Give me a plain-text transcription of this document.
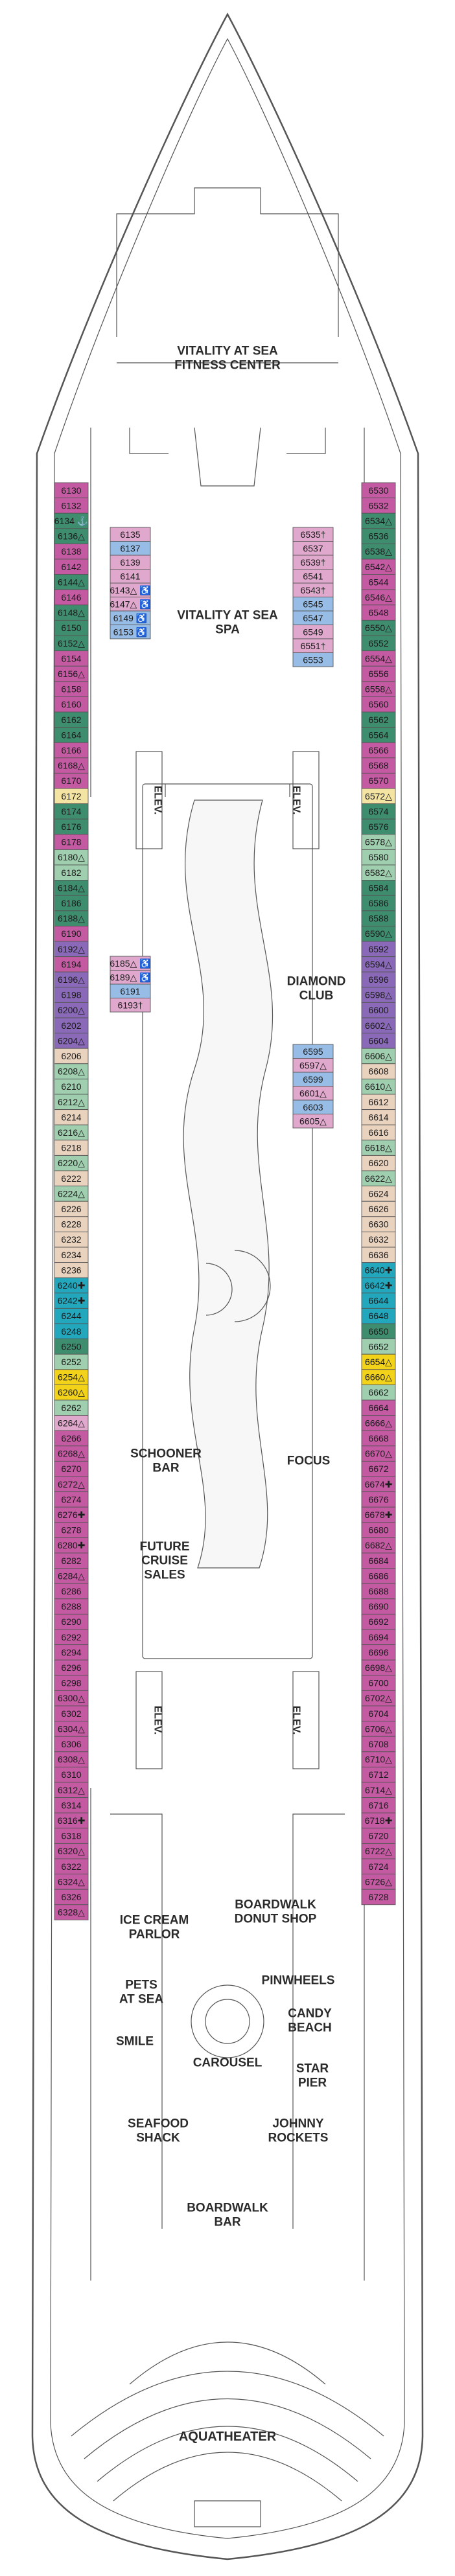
6130
6132
6134 ⚓
6136△
6138
6142
6144△
6146
6148△
6150
6152△
6154
6156△
6158
6160
6162
6164
6166
6168△
6170
6172
6174
6176
6178
6180△
6182
6184△
6186
6188△
6190
6192△
6194
6196△
6198
6200△
6202
6204△
6206
6208△
6210
6212△
6214
6216△
6218
6220△
6222
6224△
6226
6228
6232
6234
6236
6240✚
6242✚
6244
6248
6250
6252
6254△
6260△
6262
6264△
6266
6268△
6270
6272△
6274
6276✚
6278
6280✚
6282
6284△
6286
6288
6290
6292
6294
6296
6298
6300△
6302
6304△
6306
6308△
6310
6312△
6314
6316✚
6318
6320△
6322
6324△
6326
6328△
6135
6137
6139
6141
6143△ ♿
6147△ ♿
6149 ♿
6153 ♿
6185△ ♿
6189△ ♿
6191
6193†
6535†
6537
6539†
6541
6543†
6545
6547
6549
6551†
6553
6595
6597△
6599
6601△
6603
6605△
6530
6532
6534△
6536
6538△
6542△
6544
6546△
6548
6550△
6552
6554△
6556
6558△
6560
6562
6564
6566
6568
6570
6572△
6574
6576
6578△
6580
6582△
6584
6586
6588
6590△
6592
6594△
6596
6598△
6600
6602△
6604
6606△
6608
6610△
6612
6614
6616
6618△
6620
6622△
6624
6626
6630
6632
6636
6640✚
6642✚
6644
6648
6650
6652
6654△
6660△
6662
6664
6666△
6668
6670△
6672
6674✚
6676
6678✚
6680
6682△
6684
6686
6688
6690
6692
6694
6696
6698△
6700
6702△
6704
6706△
6708
6710△
6712
6714△
6716
6718✚
6720
6722△
6724
6726△
6728
VITALITY AT SEA
FITNESS CENTER
VITALITY AT SEA
SPA
ELEV.	ELEV.
DIAMOND
CLUB
SCHOONER
BAR
FOCUS
FUTURE
CRUISE
SALES
ELEV.	ELEV.
BOARDWALK
DONUT SHOP
ICE CREAM
PARLOR
PINWHEELS
PETS
AT SEA
CANDY
BEACH
CAROUSEL
SMILE
STAR
PIER
SEAFOOD
SHACK
JOHNNY
ROCKETS
BOARDWALK
BAR
AQUATHEATER
